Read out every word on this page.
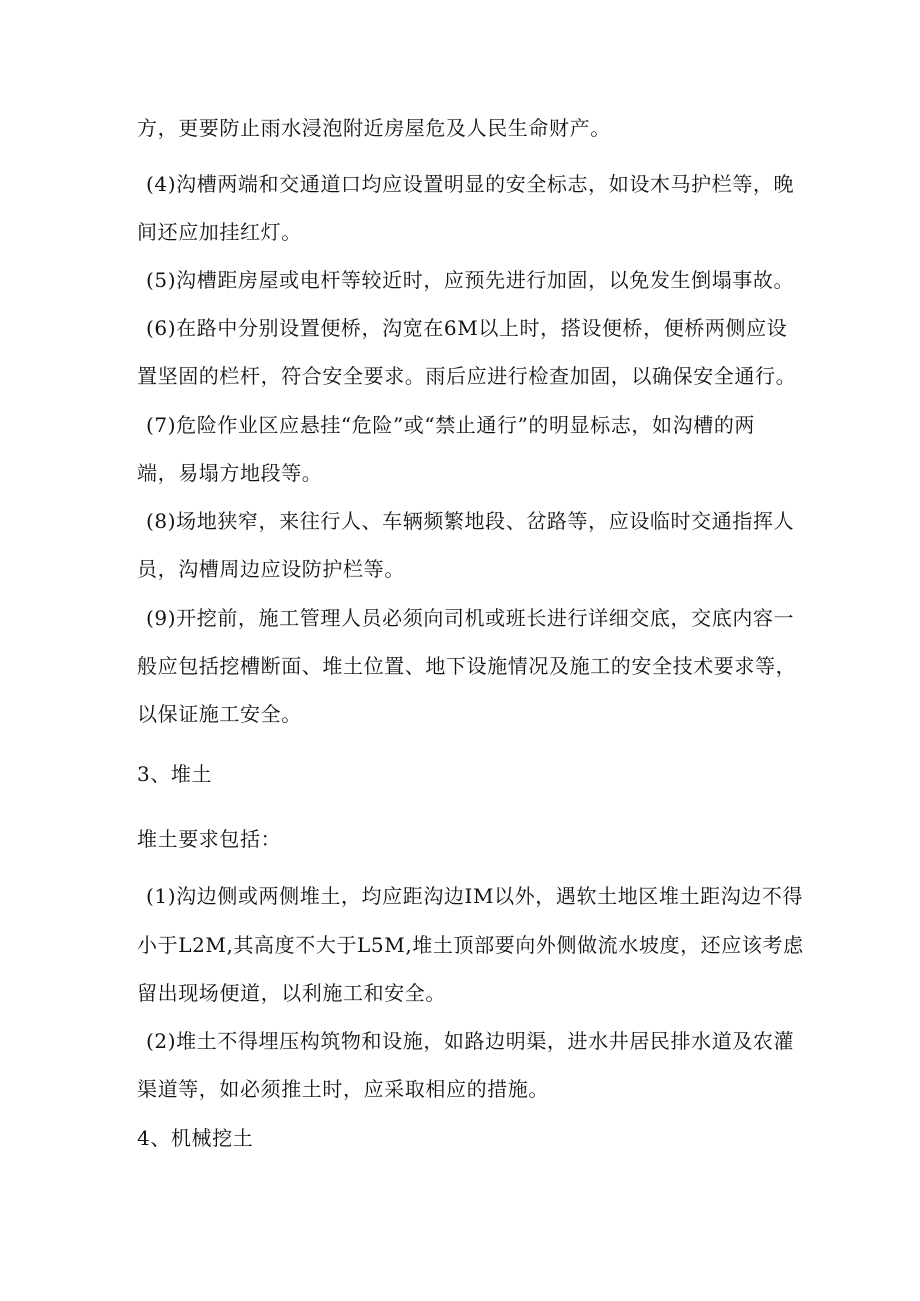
方，更要防止雨水浸泡附近房屋危及人民生命财产。
(4)沟槽两端和交通道口均应设置明显的安全标志，如设木马护栏等，晚
间还应加挂红灯。
(5)沟槽距房屋或电杆等较近时，应预先进行加固，以免发生倒塌事故。
(6)在路中分别设置便桥，沟宽在6M以上时，搭设便桥，便桥两侧应设
置坚固的栏杆，符合安全要求。雨后应进行检查加固，以确保安全通行。
(7)危险作业区应悬挂“危险”或“禁止通行”的明显标志，如沟槽的两
端，易塌方地段等。
(8)场地狭窄，来往行人、车辆频繁地段、岔路等，应设临时交通指挥人
员，沟槽周边应设防护栏等。
(9)开挖前，施工管理人员必须向司机或班长进行详细交底，交底内容一
般应包括挖槽断面、堆土位置、地下设施情况及施工的安全技术要求等，
以保证施工安全。
3、堆土
堆土要求包括：
(1)沟边侧或两侧堆土，均应距沟边IM以外，遇软土地区堆土距沟边不得
小于L2M,其高度不大于L5M,堆土顶部要向外侧做流水坡度，还应该考虑
留出现场便道，以利施工和安全。
(2)堆土不得埋压构筑物和设施，如路边明渠，进水井居民排水道及农灌
渠道等，如必须推土时，应采取相应的措施。
4、机械挖土
